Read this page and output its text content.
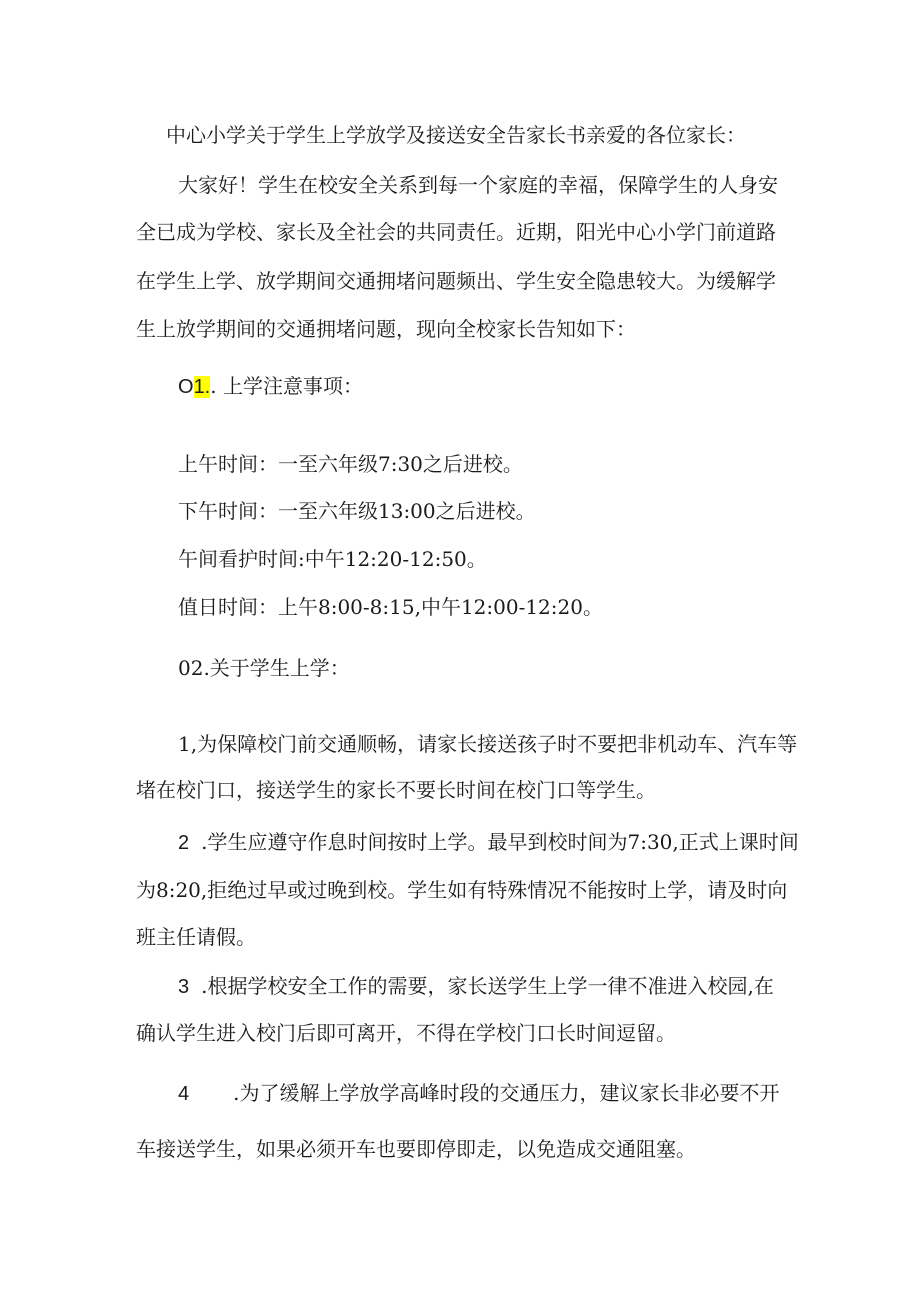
中心小学关于学生上学放学及接送安全告家长书亲爱的各位家长：
大家好！学生在校安全关系到每一个家庭的幸福，保障学生的人身安
全已成为学校、家长及全社会的共同责任。近期，阳光中心小学门前道路
在学生上学、放学期间交通拥堵问题频出、学生安全隐患较大。为缓解学
生上放学期间的交通拥堵问题，现向全校家长告知如下：
O1.. 上学注意事项：
上午时间：一至六年级7:30之后进校。
下午时间：一至六年级13:00之后进校。
午间看护时间:中午12:20-12:50。
值日时间：上午8:00-8:15,中午12:00-12:20。
02.关于学生上学：
1,为保障校门前交通顺畅，请家长接送孩子时不要把非机动车、汽车等
堵在校门口，接送学生的家长不要长时间在校门口等学生。
2 .学生应遵守作息时间按时上学。最早到校时间为7:30,正式上课时间
为8:20,拒绝过早或过晚到校。学生如有特殊情况不能按时上学，请及时向
班主任请假。
3 .根据学校安全工作的需要，家长送学生上学一律不准进入校园,在
确认学生进入校门后即可离开，不得在学校门口长时间逗留。
4 .为了缓解上学放学高峰时段的交通压力，建议家长非必要不开
车接送学生，如果必须开车也要即停即走，以免造成交通阻塞。
